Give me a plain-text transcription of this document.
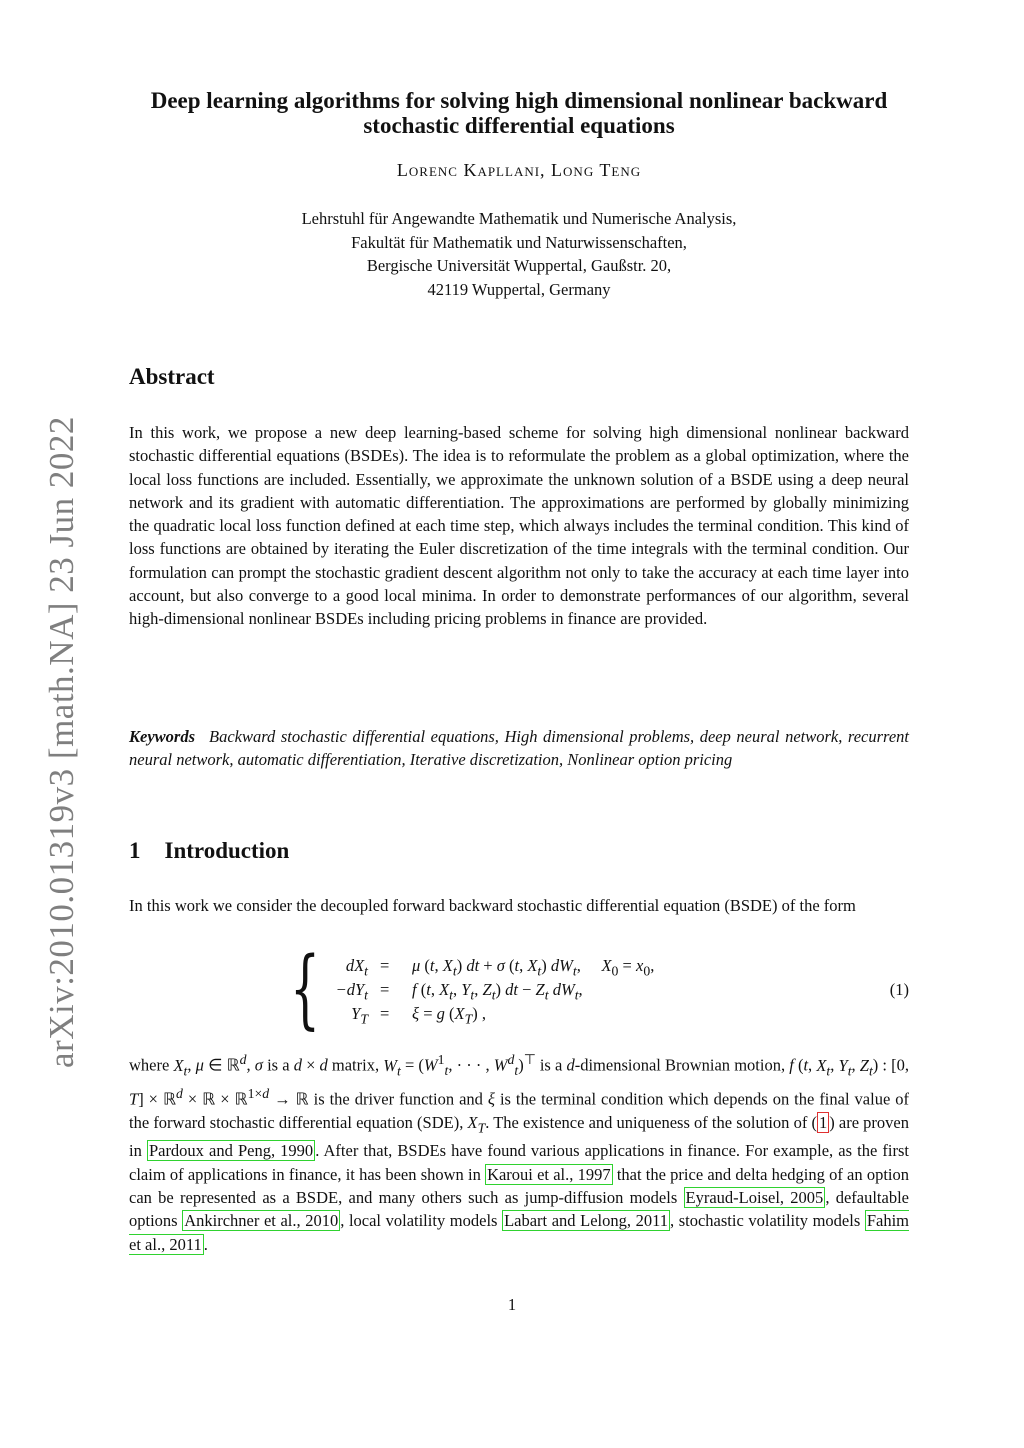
arXiv:2010.01319v3 [math.NA] 23 Jun 2022
Deep learning algorithms for solving high dimensional nonlinear backward stochastic differential equations
Lorenc Kapllani, Long Teng
Lehrstuhl für Angewandte Mathematik und Numerische Analysis,
Fakultät für Mathematik und Naturwissenschaften,
Bergische Universität Wuppertal, Gaußstr. 20,
42119 Wuppertal, Germany
Abstract
In this work, we propose a new deep learning-based scheme for solving high dimensional nonlinear backward stochastic differential equations (BSDEs). The idea is to reformulate the problem as a global optimization, where the local loss functions are included. Essentially, we approximate the unknown solution of a BSDE using a deep neural network and its gradient with automatic differentiation. The approximations are performed by globally minimizing the quadratic local loss function defined at each time step, which always includes the terminal condition. This kind of loss functions are obtained by iterating the Euler discretization of the time integrals with the terminal condition. Our formulation can prompt the stochastic gradient descent algorithm not only to take the accuracy at each time layer into account, but also converge to a good local minima. In order to demonstrate performances of our algorithm, several high-dimensional nonlinear BSDEs including pricing problems in finance are provided.
Keywords Backward stochastic differential equations, High dimensional problems, deep neural network, recurrent neural network, automatic differentiation, Iterative discretization, Nonlinear option pricing
1 Introduction
In this work we consider the decoupled forward backward stochastic differential equation (BSDE) of the form
{ $dX_t = \mu$ (t, $X_t$) dt + σ (t, $X_t$) $dW_t$,     $X_0 = x_0$,
$-dY_t = f$ (t, $X_t$, $Y_t$, $Z_t$) dt − $Z_t$ $dW_t$,
$Y_T = \xi = g$ $(X_T)$ ,
(1)
where $X_t$, μ ∈ ℝ$^d$, σ is a d × d matrix, $W_t = (W^1_t$, · · · , $W^d_t)^⊤$ is a d-dimensional Brownian motion, f (t, $X_t$, $Y_t$, $Z_t$) : [0, T] × ℝ$^d$ × ℝ × ℝ$^{1\times d}$ → ℝ is the driver function and ξ is the terminal condition which depends on the final value of the forward stochastic differential equation (SDE), $X_T$. The existence and uniqueness of the solution of ( 1 ) are proven in Pardoux and Peng, 1990 . After that, BSDEs have found various applications in finance. For example, as the first claim of applications in finance, it has been shown in Karoui et al., 1997 that the price and delta hedging of an option can be represented as a BSDE, and many others such as jump-diffusion models Eyraud-Loisel, 2005 , defaultable options Ankirchner et al., 2010 , local volatility models Labart and Lelong, 2011 , stochastic volatility models Fahim et al., 2011 .
1
